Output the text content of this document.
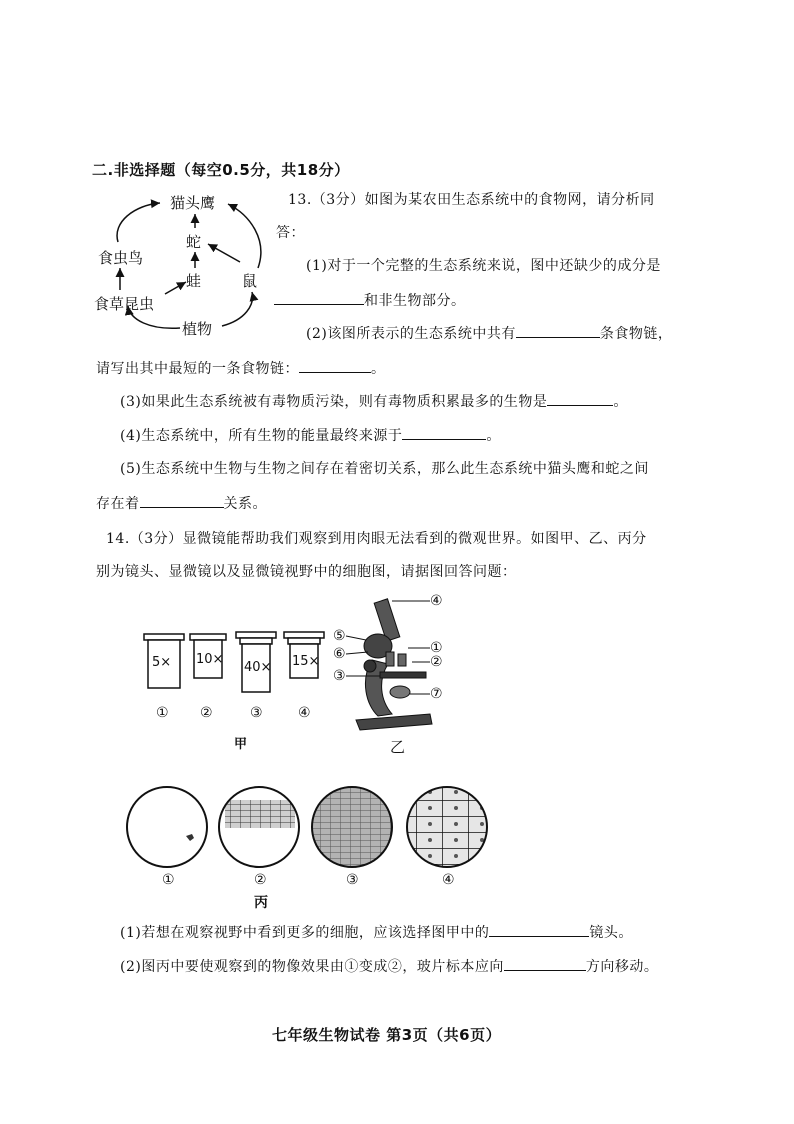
二.非选择题（每空0.5分，共18分）
猫头鹰
蛇
食虫鸟
蛙	鼠
食草昆虫
植物
13.（3分）如图为某农田生态系统中的食物网，请分析同
答：
(1)对于一个完整的生态系统来说，图中还缺少的成分是
和非生物部分。
(2)该图所表示的生态系统中共有	条食物链，
请写出其中最短的一条食物链：	。
(3)如果此生态系统被有毒物质污染，则有毒物质积累最多的生物是	。
(4)生态系统中，所有生物的能量最终来源于	。
(5)生态系统中生物与生物之间存在着密切关系，那么此生态系统中猫头鹰和蛇之间
存在着	关系。
14.（3分）显微镜能帮助我们观察到用肉眼无法看到的微观世界。如图甲、乙、丙分
别为镜头、显微镜以及显微镜视野中的细胞图，请据图回答问题：
5× 10×
40× 15×
① ②	③	④
甲
④
⑤
⑥	①
②
③
⑦
乙
①	②	③	④
丙
(1)若想在观察视野中看到更多的细胞，应该选择图甲中的	镜头。
(2)图丙中要使观察到的物像效果由①变成②，玻片标本应向	方向移动。
七年级生物试卷 第3页（共6页）
